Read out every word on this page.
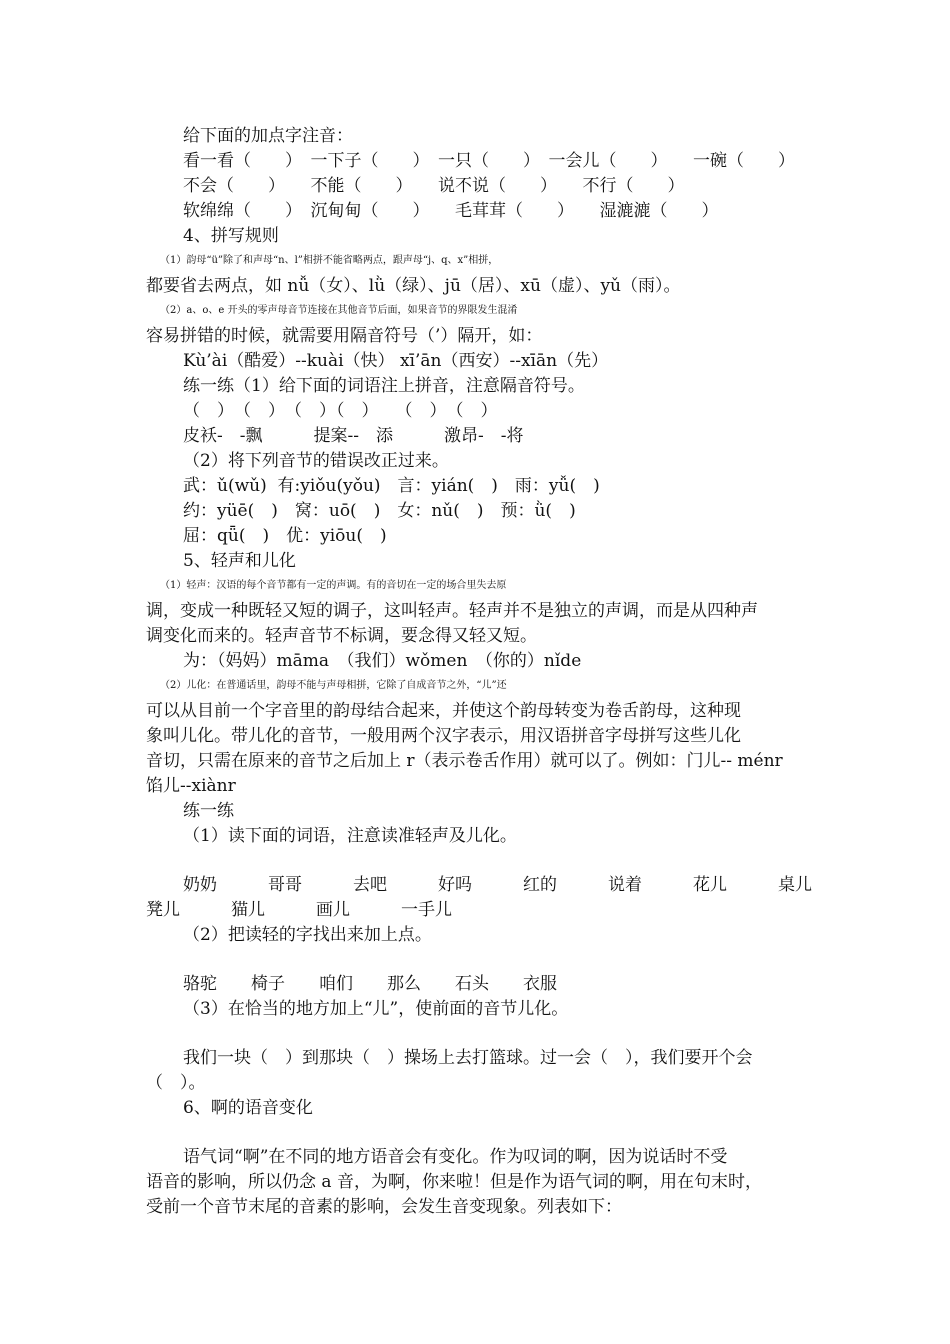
给下面的加点字注音：
看一看（　　）　一下子（　　）　一只（　　）　一会儿（　　）　　一碗（　　）
不会（　　）　　不能（　　）　　说不说（　　）　　不行（　　）
软绵绵（　　）　沉甸甸（　　）　　毛茸茸（　　）　　湿漉漉（　　）
4、拼写规则
（1）韵母“ü”除了和声母“n、l”相拼不能省略两点，跟声母“j、q、x”相拼，
都要省去两点，如 nǚ（女）、lǜ（绿）、jū（居）、xū（虚）、yǔ（雨）。
（2）a、o、e 开头的零声母音节连接在其他音节后面，如果音节的界限发生混淆
容易拼错的时候，就需要用隔音符号（’）隔开，如：
Kù’ài（酷爱）--kuài（快） xī’ān（西安）--xīān（先）
练一练（1）给下面的词语注上拼音，注意隔音符号。
（　）　（　）　（　）（　）　　（　）　（　）
皮袄-　-飘　　　提案--　添　　　激昂-　-将
（2）将下列音节的错误改正过来。
武：ǔ(wǔ)  有:yiǒu(yǒu)　言：yián(　)　雨：yǚ(　)
约：yüē(　)　窝：uō(　)　女：nǔ(　)　预：ǜ(　)
屈：qǖ(　)　优：yiōu(　)
5、轻声和儿化
（1）轻声：汉语的每个音节都有一定的声调。有的音切在一定的场合里失去原
调，变成一种既轻又短的调子，这叫轻声。轻声并不是独立的声调，而是从四种声
调变化而来的。轻声音节不标调，要念得又轻又短。
为：（妈妈）māma　（我们）wǒmen　（你的）nǐde
（2）儿化：在普通话里，韵母不能与声母相拼，它除了自成音节之外，“儿”还
可以从目前一个字音里的韵母结合起来，并使这个韵母转变为卷舌韵母，这种现
象叫儿化。带儿化的音节，一般用两个汉字表示，用汉语拼音字母拼写这些儿化
音切，只需在原来的音节之后加上 r（表示卷舌作用）就可以了。例如：门儿-- ménr
馅儿--xiànr
练一练
（1）读下面的词语，注意读准轻声及儿化。
奶奶　　　哥哥　　　去吧　　　好吗　　　红的　　　说着　　　花儿　　　桌儿
凳儿　　　猫儿　　　画儿　　　一手儿
（2）把读轻的字找出来加上点。
骆驼　　椅子　　咱们　　那么　　石头　　衣服
（3）在恰当的地方加上“儿”，使前面的音节儿化。
我们一块（　）到那块（　）操场上去打篮球。过一会（　），我们要开个会
（　）。
6、啊的语音变化
语气词“啊”在不同的地方语音会有变化。作为叹词的啊，因为说话时不受
语音的影响，所以仍念 a 音，为啊，你来啦！但是作为语气词的啊，用在句末时，
受前一个音节末尾的音素的影响，会发生音变现象。列表如下：
